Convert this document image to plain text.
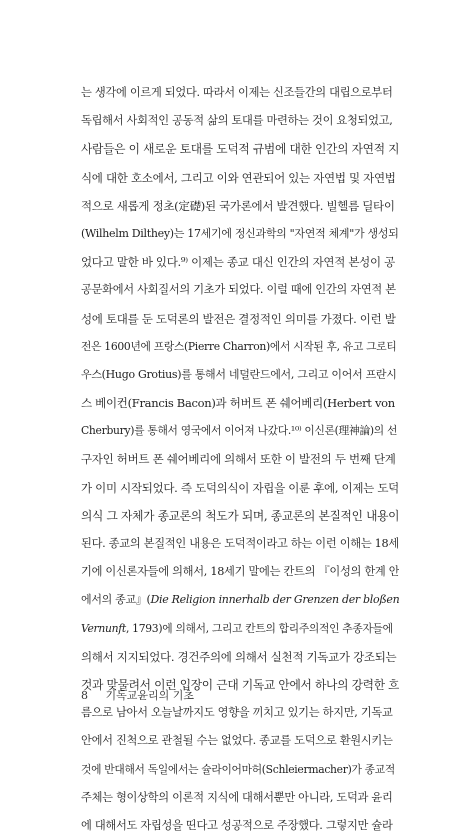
는 생각에 이르게 되었다. 따라서 이제는 신조들간의 대립으로부터
독립해서 사회적인 공동적 삶의 토대를 마련하는 것이 요청되었고,
사람들은 이 새로운 토대를 도덕적 규범에 대한 인간의 자연적 지
식에 대한 호소에서, 그리고 이와 연관되어 있는 자연법 및 자연법
적으로 새롭게 정초(定礎)된 국가론에서 발견했다. 빌헬름 딜타이
(Wilhelm Dilthey)는 17세기에 정신과학의 "자연적 체계"가 생성되
었다고 말한 바 있다.⁹⁾ 이제는 종교 대신 인간의 자연적 본성이 공
공문화에서 사회질서의 기초가 되었다. 이럴 때에 인간의 자연적 본
성에 토대를 둔 도덕론의 발전은 결정적인 의미를 가졌다. 이런 발
전은 1600년에 프랑스(Pierre Charron)에서 시작된 후, 유고 그로티
우스(Hugo Grotius)를 통해서 네덜란드에서, 그리고 이어서 프란시
스 베이컨(Francis Bacon)과 허버트 폰 쉐어베리(Herbert von
Cherbury)를 통해서 영국에서 이어져 나갔다.¹⁰⁾ 이신론(理神論)의 선
구자인 허버트 폰 쉐어베리에 의해서 또한 이 발전의 두 번째 단계
가 이미 시작되었다. 즉 도덕의식이 자립을 이룬 후에, 이제는 도덕
의식 그 자체가 종교론의 척도가 되며, 종교론의 본질적인 내용이
된다. 종교의 본질적인 내용은 도덕적이라고 하는 이런 이해는 18세
기에 이신론자들에 의해서, 18세기 말에는 칸트의 『이성의 한계 안
에서의 종교』(Die Religion innerhalb der Grenzen der bloßen
Vernunft, 1793)에 의해서, 그리고 칸트의 합리주의적인 추종자들에
의해서 지지되었다. 경건주의에 의해서 실천적 기독교가 강조되는
것과 맞물려서 이런 입장이 근대 기독교 안에서 하나의 강력한 흐
름으로 남아서 오늘날까지도 영향을 끼치고 있기는 하지만, 기독교
안에서 진척으로 관철될 수는 없었다. 종교를 도덕으로 환원시키는
것에 반대해서 독일에서는 슐라이어마허(Schleiermacher)가 종교적
주체는 형이상학의 이론적 지식에 대해서뿐만 아니라, 도덕과 윤리
에 대해서도 자립성을 띤다고 성공적으로 주장했다. 그렇지만 슐라
8 기독교윤리의 기초
